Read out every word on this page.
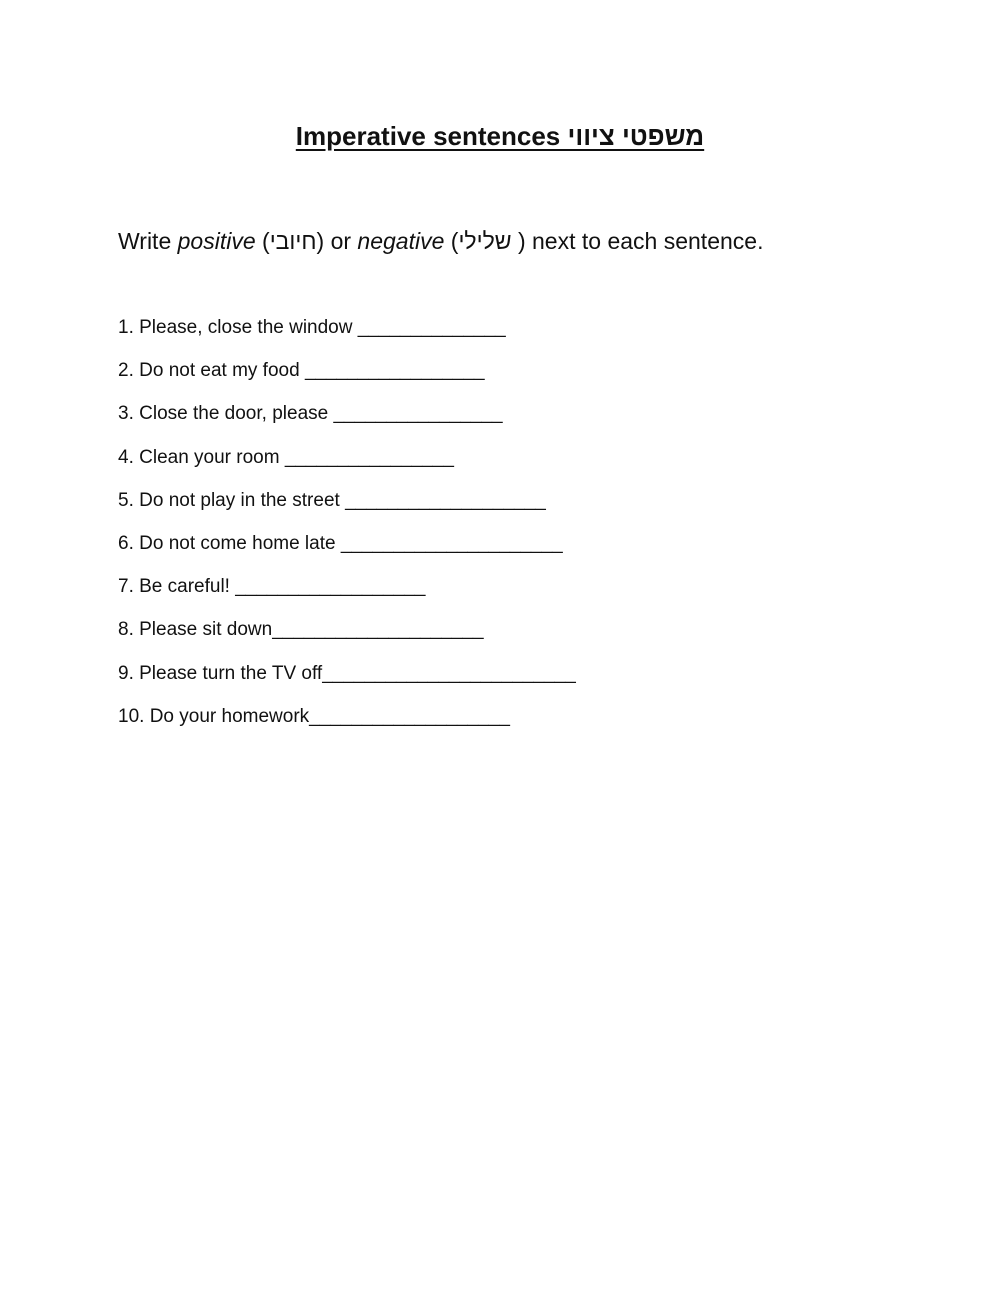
Imperative sentences משפטי ציווי
Write positive (חיובי) or negative (שלילי ) next to each sentence.
1. Please, close the window ______________
2. Do not eat my food _________________
3. Close the door, please ________________
4. Clean your room ________________
5. Do not play in the street ___________________
6. Do not come home late _____________________
7. Be careful! __________________
8. Please sit down____________________
9. Please turn the TV off________________________
10. Do your homework___________________
